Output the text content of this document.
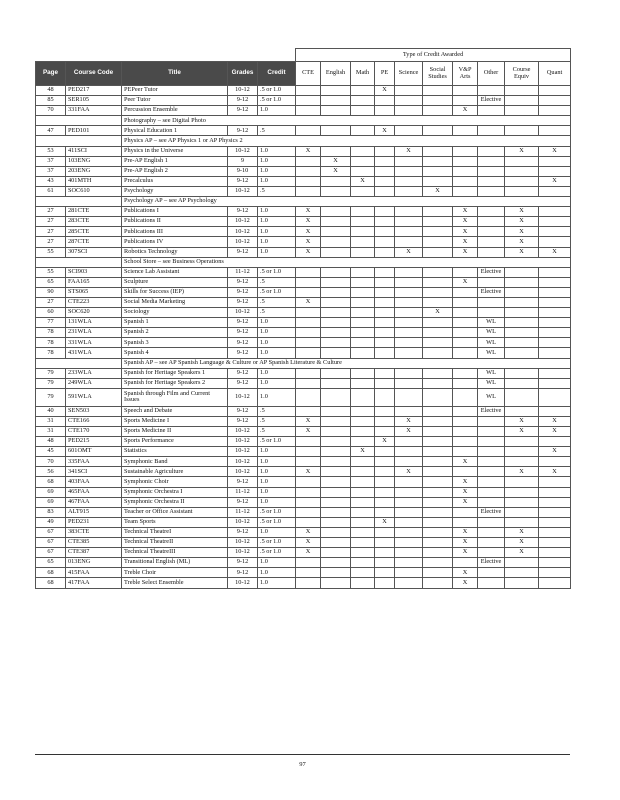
					Type of Credit Awarded									
Page	Course Code	Title	Grades	Credit	CTE	English	Math	PE	Science	Social Studies	V&P Arts	Other	Course Equiv	Quant
48	PED217	PEPeer Tutor	10-12	.5 or 1.0				X						
85	SER105	Peer Tutor	9-12	.5 or 1.0								Elective		
70	331FAA	Percussion Ensemble	9-12	1.0							X			
		Photography – see Digital Photo												
47	PED101	Physical Education 1	9-12	.5				X						
		Physics AP – see AP Physics 1 or AP Physics 2												
53	411SCI	Physics in the Universe	10-12	1.0	X				X				X	X
37	103ENG	Pre-AP English 1	9	1.0		X								
37	203ENG	Pre-AP English 2	9-10	1.0		X								
43	401MTH	Precalculus	9-12	1.0			X							X
61	SOC610	Psychology	10-12	.5						X				
		Psychology AP – see AP Psychology												
27	281CTE	Publications I	9-12	1.0	X						X		X	
27	283CTE	Publications II	10-12	1.0	X						X		X	
27	285CTE	Publications III	10-12	1.0	X						X		X	
27	287CTE	Publications IV	10-12	1.0	X						X		X	
55	307SCI	Robotics Technology	9-12	1.0	X				X		X		X	X
		School Store – see Business Operations												
55	SCI903	Science Lab Assistant	11-12	.5 or 1.0								Elective		
65	FAA165	Sculpture	9-12	.5							X			
90	STS065	Skills for Success (IEP)	9-12	.5 or 1.0								Elective		
27	CTE223	Social Media Marketing	9-12	.5	X									
60	SOC620	Sociology	10-12	.5						X				
77	131WLA	Spanish 1	9-12	1.0								WL		
78	231WLA	Spanish 2	9-12	1.0								WL		
78	331WLA	Spanish 3	9-12	1.0								WL		
78	431WLA	Spanish 4	9-12	1.0								WL		
		Spanish AP – see AP Spanish Language & Culture or AP Spanish Literature & Culture												
79	233WLA	Spanish for Heritage Speakers 1	9-12	1.0								WL		
79	249WLA	Spanish for Heritage Speakers 2	9-12	1.0								WL		
79	591WLA	Spanish through Film and Current Issues	10-12	1.0								WL		
40	SEN503	Speech and Debate	9-12	.5								Elective		
31	CTE166	Sports Medicine I	9-12	.5	X				X				X	X
31	CTE170	Sports Medicine II	10-12	.5	X				X				X	X
48	PED215	Sports Performance	10-12	.5 or 1.0				X						
45	601OMT	Statistics	10-12	1.0			X							X
70	335FAA	Symphonic Band	10-12	1.0							X			
56	341SCI	Sustainable Agriculture	10-12	1.0	X				X				X	X
68	403FAA	Symphonic Choir	9-12	1.0							X			
69	465FAA	Symphonic Orchestra I	11-12	1.0							X			
69	467FAA	Symphonic Orchestra II	9-12	1.0							X			
83	ALT915	Teacher or Office Assistant	11-12	.5 or 1.0								Elective		
49	PED231	Team Sports	10-12	.5 or 1.0				X						
67	383CTE	Technical TheatreI	9-12	1.0	X						X		X	
67	CTE385	Technical TheatreII	10-12	.5 or 1.0	X						X		X	
67	CTE387	Technical TheatreIII	10-12	.5 or 1.0	X						X		X	
65	013ENG	Transitional English (ML)	9-12	1.0								Elective		
68	415FAA	Treble Choir	9-12	1.0							X			
68	417FAA	Treble Select Ensemble	10-12	1.0							X			
97
